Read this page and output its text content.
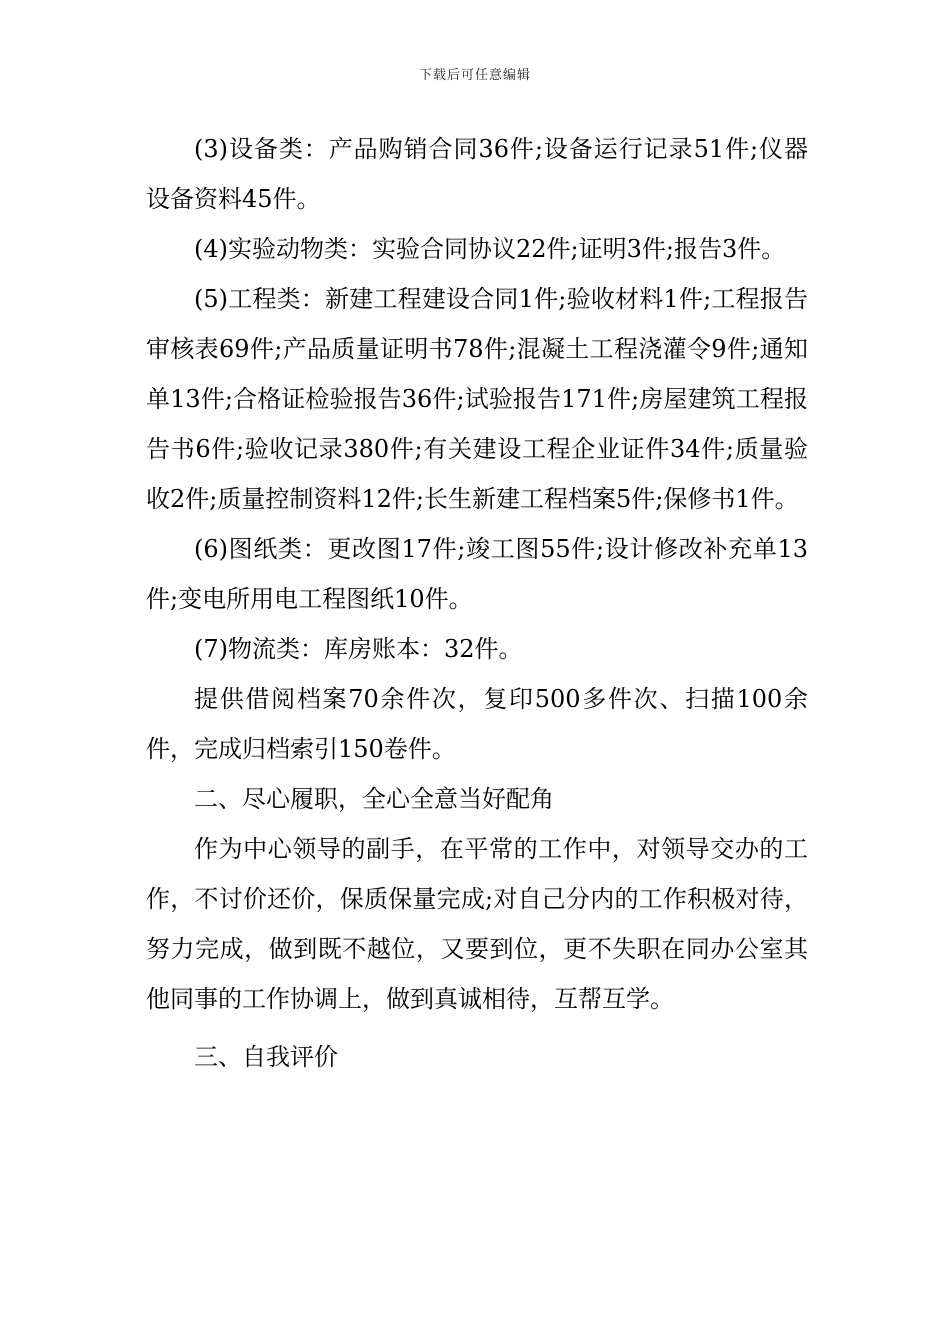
下载后可任意编辑

(3)设备类：产品购销合同36件;设备运行记录51件;仪器设备资料45件。

(4)实验动物类：实验合同协议22件;证明3件;报告3件。

(5)工程类：新建工程建设合同1件;验收材料1件;工程报告审核表69件;产品质量证明书78件;混凝土工程浇灌令9件;通知单13件;合格证检验报告36件;试验报告171件;房屋建筑工程报告书6件;验收记录380件;有关建设工程企业证件34件;质量验收2件;质量控制资料12件;长生新建工程档案5件;保修书1件。

(6)图纸类：更改图17件;竣工图55件;设计修改补充单13件;变电所用电工程图纸10件。

(7)物流类：库房账本：32件。

提供借阅档案70余件次，复印500多件次、扫描100余件，完成归档索引150卷件。

二、尽心履职，全心全意当好配角

作为中心领导的副手，在平常的工作中，对领导交办的工作，不讨价还价，保质保量完成;对自己分内的工作积极对待，努力完成，做到既不越位，又要到位，更不失职在同办公室其他同事的工作协调上，做到真诚相待，互帮互学。

三、自我评价
